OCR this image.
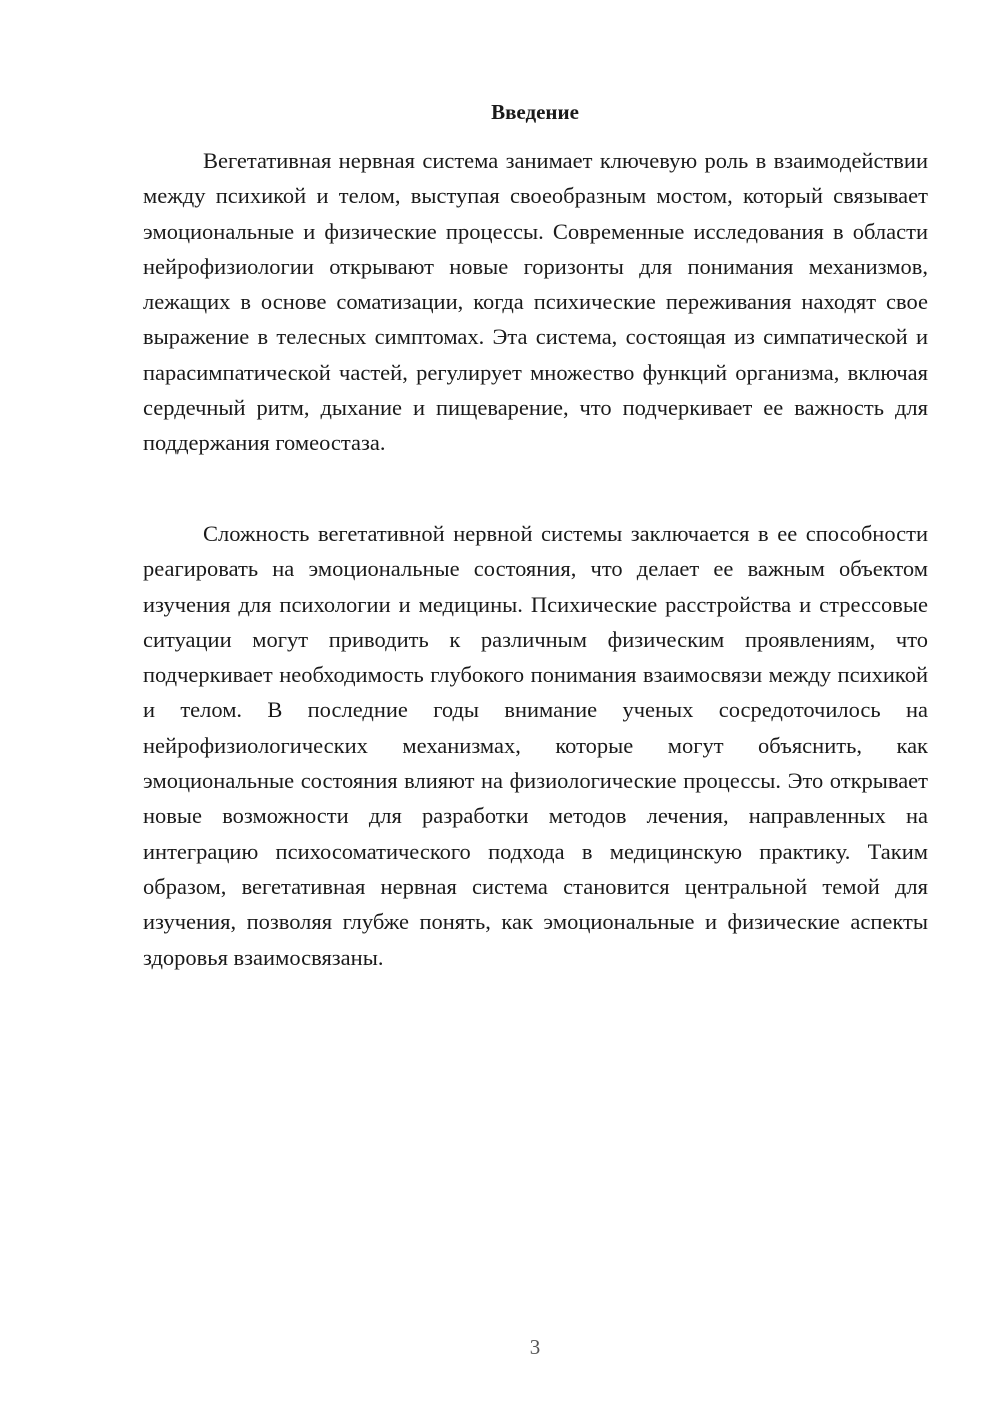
Введение

Вегетативная нервная система занимает ключевую роль в взаимодействии между психикой и телом, выступая своеобразным мостом, который связывает эмоциональные и физические процессы. Современные исследования в области нейрофизиологии открывают новые горизонты для понимания механизмов, лежащих в основе соматизации, когда психические переживания находят свое выражение в телесных симптомах. Эта система, состоящая из симпатической и парасимпатической частей, регулирует множество функций организма, включая сердечный ритм, дыхание и пищеварение, что подчеркивает ее важность для поддержания гомеостаза.

Сложность вегетативной нервной системы заключается в ее способности реагировать на эмоциональные состояния, что делает ее важным объектом изучения для психологии и медицины. Психические расстройства и стрессовые ситуации могут приводить к различным физическим проявлениям, что подчеркивает необходимость глубокого понимания взаимосвязи между психикой и телом. В последние годы внимание ученых сосредоточилось на нейрофизиологических механизмах, которые могут объяснить, как эмоциональные состояния влияют на физиологические процессы. Это открывает новые возможности для разработки методов лечения, направленных на интеграцию психосоматического подхода в медицинскую практику. Таким образом, вегетативная нервная система становится центральной темой для изучения, позволяя глубже понять, как эмоциональные и физические аспекты здоровья взаимосвязаны.

3
